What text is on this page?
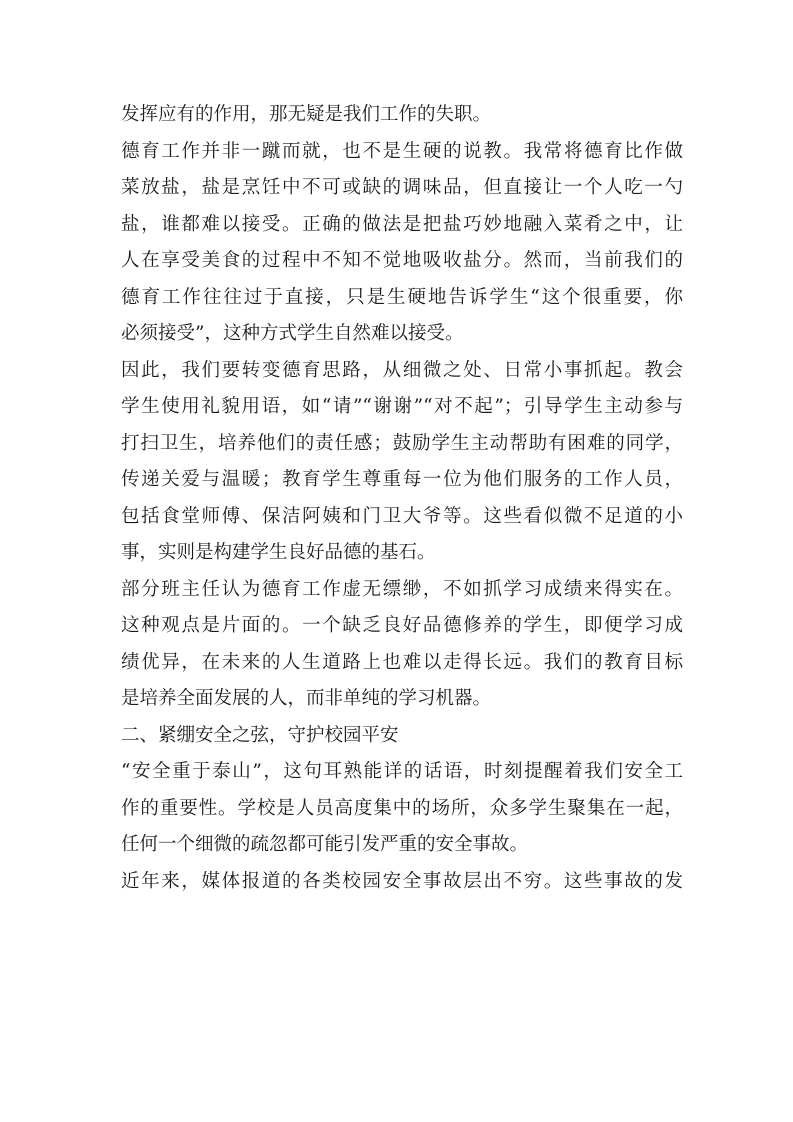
发挥应有的作用，那无疑是我们工作的失职。
德育工作并非一蹴而就，也不是生硬的说教。我常将德育比作做
菜放盐，盐是烹饪中不可或缺的调味品，但直接让一个人吃一勺
盐，谁都难以接受。正确的做法是把盐巧妙地融入菜肴之中，让
人在享受美食的过程中不知不觉地吸收盐分。然而，当前我们的
德育工作往往过于直接，只是生硬地告诉学生“这个很重要，你
必须接受”，这种方式学生自然难以接受。
因此，我们要转变德育思路，从细微之处、日常小事抓起。教会
学生使用礼貌用语，如“请”“谢谢”“对不起”；引导学生主动参与
打扫卫生，培养他们的责任感；鼓励学生主动帮助有困难的同学，
传递关爱与温暖；教育学生尊重每一位为他们服务的工作人员，
包括食堂师傅、保洁阿姨和门卫大爷等。这些看似微不足道的小
事，实则是构建学生良好品德的基石。
部分班主任认为德育工作虚无缥缈，不如抓学习成绩来得实在。
这种观点是片面的。一个缺乏良好品德修养的学生，即便学习成
绩优异，在未来的人生道路上也难以走得长远。我们的教育目标
是培养全面发展的人，而非单纯的学习机器。
二、紧绷安全之弦，守护校园平安
“安全重于泰山”，这句耳熟能详的话语，时刻提醒着我们安全工
作的重要性。学校是人员高度集中的场所，众多学生聚集在一起，
任何一个细微的疏忽都可能引发严重的安全事故。
近年来，媒体报道的各类校园安全事故层出不穷。这些事故的发
